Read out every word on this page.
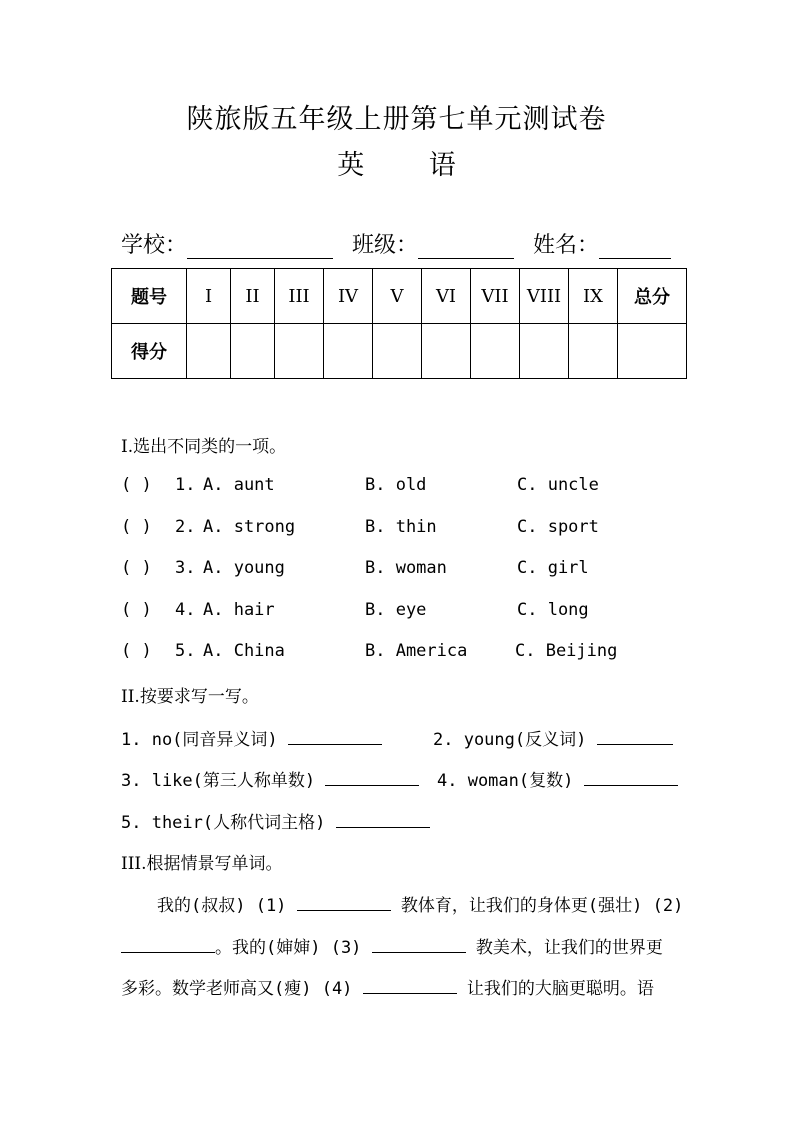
陕旅版五年级上册第七单元测试卷
英 语
学校：	班级：	姓名：
题号	I	II	III	IV	V	VI	VII	VIII	IX	总分
得分										
I.选出不同类的一项。
( ) 1. A. aunt	B. old	C. uncle
( ) 2. A. strong	B. thin	C. sport
( ) 3. A. young	B. woman	C. girl
( ) 4. A. hair	B. eye	C. long
( ) 5. A. China	B. America	C. Beijing
II.按要求写一写。
1. no(同音异义词)	2. young(反义词)
3. like(第三人称单数)	4. woman(复数)
5. their(人称代词主格)
III.根据情景写单词。
我的(叔叔) (1)	教体育，让我们的身体更(强壮) (2)
。我的(婶婶) (3)	教美术，让我们的世界更
多彩。数学老师高又(瘦) (4)	让我们的大脑更聪明。语
